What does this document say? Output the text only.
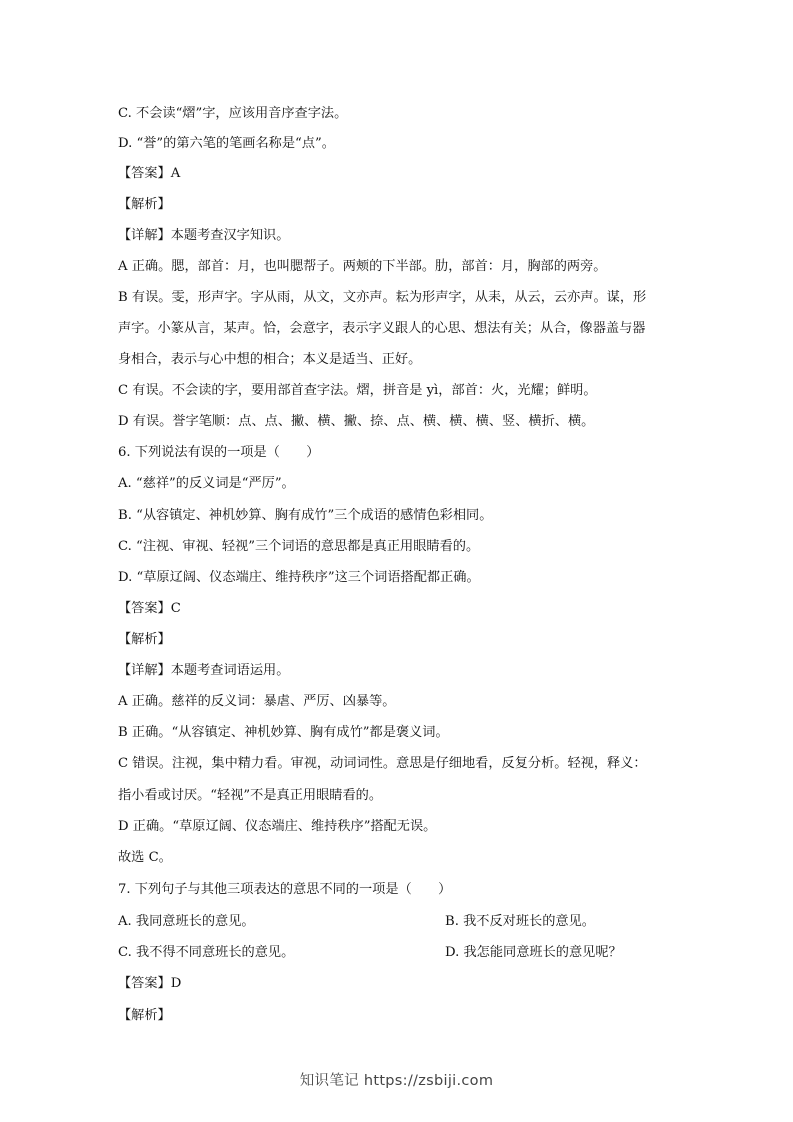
C. 不会读“熠”字，应该用音序查字法。
D. “誉”的第六笔的笔画名称是“点”。
【答案】A
【解析】
【详解】本题考查汉字知识。
A 正确。腮，部首：月，也叫腮帮子。两颊的下半部。肋，部首：月，胸部的两旁。
B 有误。雯，形声字。字从雨，从文，文亦声。耘为形声字，从耒，从云，云亦声。谋，形
声字。小篆从言，某声。恰，会意字，表示字义跟人的心思、想法有关；从合，像器盖与器
身相合，表示与心中想的相合；本义是适当、正好。
C 有误。不会读的字，要用部首查字法。熠，拼音是 yì，部首：火，光耀；鲜明。
D 有误。誉字笔顺：点、点、撇、横、撇、捺、点、横、横、横、竖、横折、横。
6. 下列说法有误的一项是（　　）
A. “慈祥”的反义词是“严厉”。
B. “从容镇定、神机妙算、胸有成竹”三个成语的感情色彩相同。
C. “注视、审视、轻视”三个词语的意思都是真正用眼睛看的。
D. “草原辽阔、仪态端庄、维持秩序”这三个词语搭配都正确。
【答案】C
【解析】
【详解】本题考查词语运用。
A 正确。慈祥的反义词：暴虐、严厉、凶暴等。
B 正确。“从容镇定、神机妙算、胸有成竹”都是褒义词。
C 错误。注视，集中精力看。审视，动词词性。意思是仔细地看，反复分析。轻视，释义：
指小看或讨厌。“轻视”不是真正用眼睛看的。
D 正确。“草原辽阔、仪态端庄、维持秩序”搭配无误。
故选 C。
7. 下列句子与其他三项表达的意思不同的一项是（　　）
A. 我同意班长的意见。	B. 我不反对班长的意见。
C. 我不得不同意班长的意见。	D. 我怎能同意班长的意见呢？
【答案】D
【解析】
知识笔记 https://zsbiji.com
